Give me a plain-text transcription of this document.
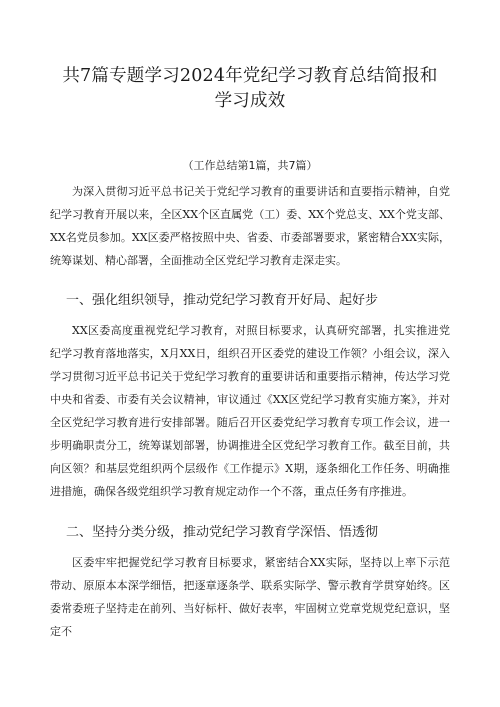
共7篇专题学习2024年党纪学习教育总结简报和学习成效

（工作总结第1篇，共7篇）

为深入贯彻习近平总书记关于党纪学习教育的重要讲话和直要指示精神，自党纪学习教育开展以来，全区XX个区直属党（工）委、XX个党总支、XX个党支部、XX名党员参加。XX区委严格按照中央、省委、市委部署要求，紧密精合XX实际，统筹谋划、精心部署，全面推动全区党纪学习教育走深走实。

一、强化组织领导，推动党纪学习教育开好局、起好步

XX区委高度重视党纪学习教育，对照目标要求，认真研究部署，扎实推进党纪学习教育落地落实，X月XX日，组织召开区委党的建设工作领？小组会议，深入学习贯彻习近平总书记关于党纪学习教育的重要讲话和重要指示精神，传达学习党中央和省委、市委有关会议精神，审议通过《XX区党纪学习教育实施方案》，并对全区党纪学习教育进行安排部署。随后召开区委党纪学习教育专项工作会议，进一步明确职责分工，统筹谋划部署，协调推进全区党纪学习教育工作。截至目前，共向区领？和基层党组织两个层级作《工作提示》X期，逐条细化工作任务、明确推进措施，确保各级党组织学习教育规定动作一个不落，重点任务有序推进。

二、坚持分类分级，推动党纪学习教育学深悟、悟透彻

区委牢牢把握党纪学习教育目标要求，紧密结合XX实际，坚持以上率下示范带动、原原本本深学细悟，把逐章逐条学、联系实际学、警示教育学贯穿始终。区委常委班子坚持走在前列、当好标杆、做好表率，牢固树立党章党规党纪意识，坚定不
